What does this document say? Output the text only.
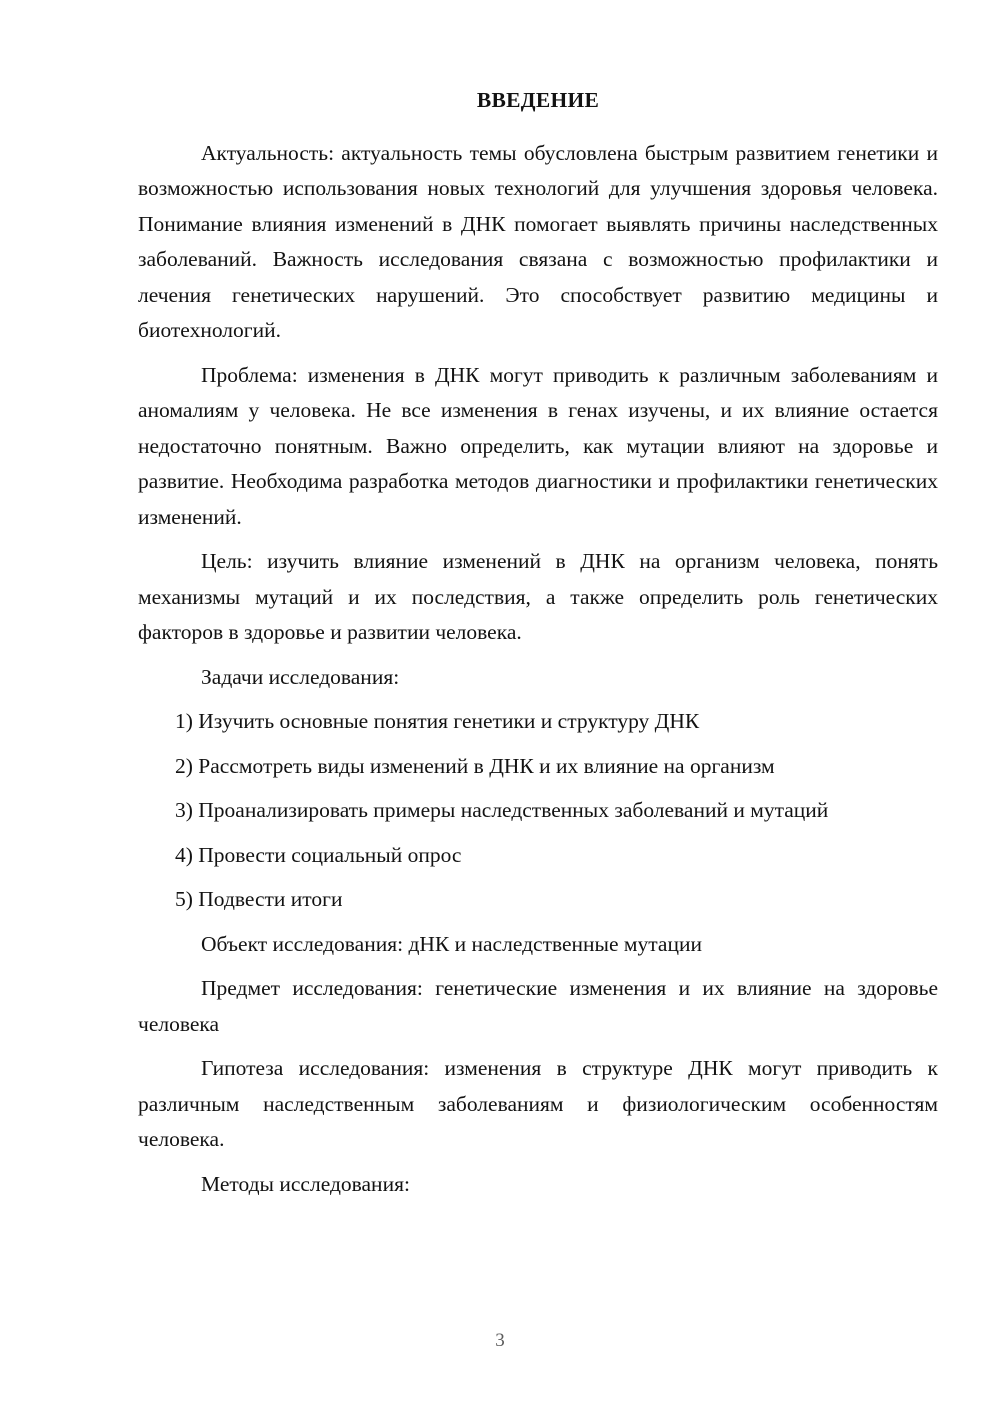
ВВЕДЕНИЕ

Актуальность: актуальность темы обусловлена быстрым развитием генетики и возможностью использования новых технологий для улучшения здоровья человека. Понимание влияния изменений в ДНК помогает выявлять причины наследственных заболеваний. Важность исследования связана с возможностью профилактики и лечения генетических нарушений. Это способствует развитию медицины и биотехнологий.

Проблема: изменения в ДНК могут приводить к различным заболеваниям и аномалиям у человека. Не все изменения в генах изучены, и их влияние остается недостаточно понятным. Важно определить, как мутации влияют на здоровье и развитие. Необходима разработка методов диагностики и профилактики генетических изменений.

Цель: изучить влияние изменений в ДНК на организм человека, понять механизмы мутаций и их последствия, а также определить роль генетических факторов в здоровье и развитии человека.

Задачи исследования:

1) Изучить основные понятия генетики и структуру ДНК

2) Рассмотреть виды изменений в ДНК и их влияние на организм

3) Проанализировать примеры наследственных заболеваний и мутаций

4) Провести социальный опрос

5) Подвести итоги

Объект исследования: дНК и наследственные мутации

Предмет исследования: генетические изменения и их влияние на здоровье человека

Гипотеза исследования: изменения в структуре ДНК могут приводить к различным наследственным заболеваниям и физиологическим особенностям человека.

Методы исследования:

3
